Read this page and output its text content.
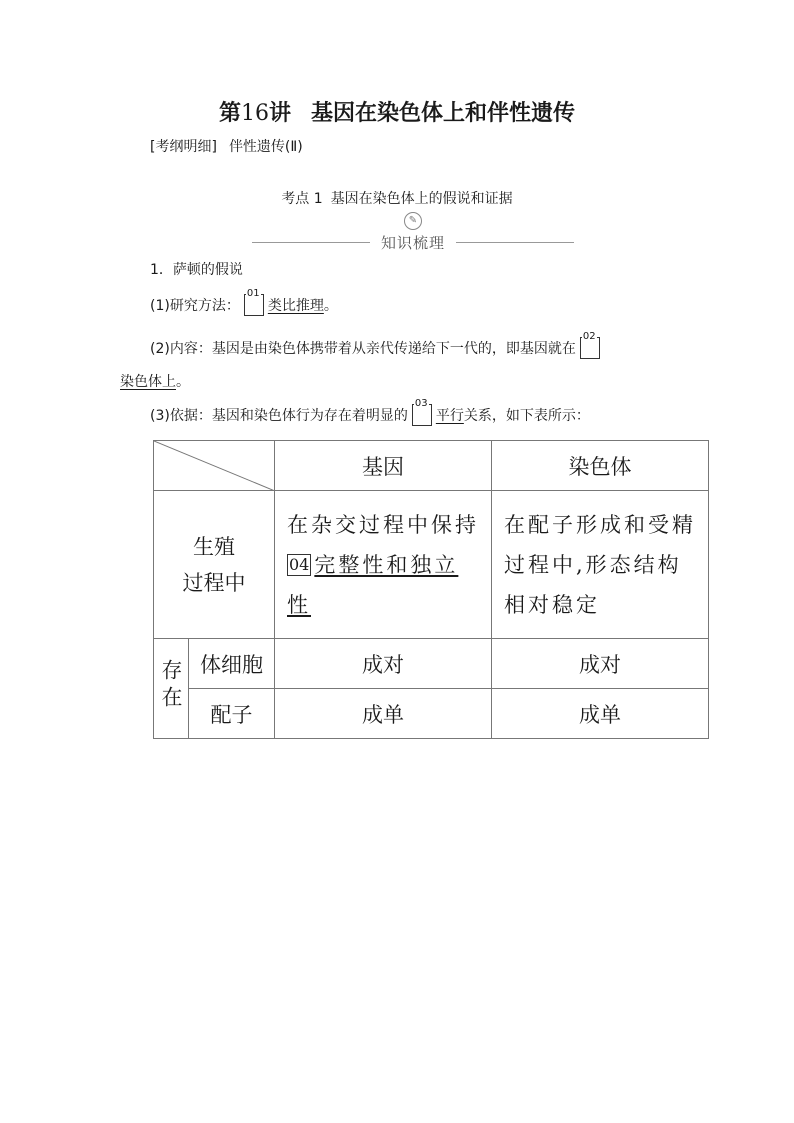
第16讲 基因在染色体上和伴性遗传
[考纲明细] 伴性遗传(Ⅱ)
考点 1 基因在染色体上的假说和证据
✎
知识梳理
1．萨顿的假说
(1)研究方法：
01
类比推理。
(2)内容：基因是由染色体携带着从亲代传递给下一代的，即基因就在
02
染色体上。
(3)依据：基因和染色体行为存在着明显的
03
平行关系，如下表所示：
	基因	染色体

生殖
过程中		在杂交过程中保持04 完整性和独立性	在配子形成和受精过程中,形态结构相对稳定
存在	体细胞	成对	成对
	配子	成单	成单
